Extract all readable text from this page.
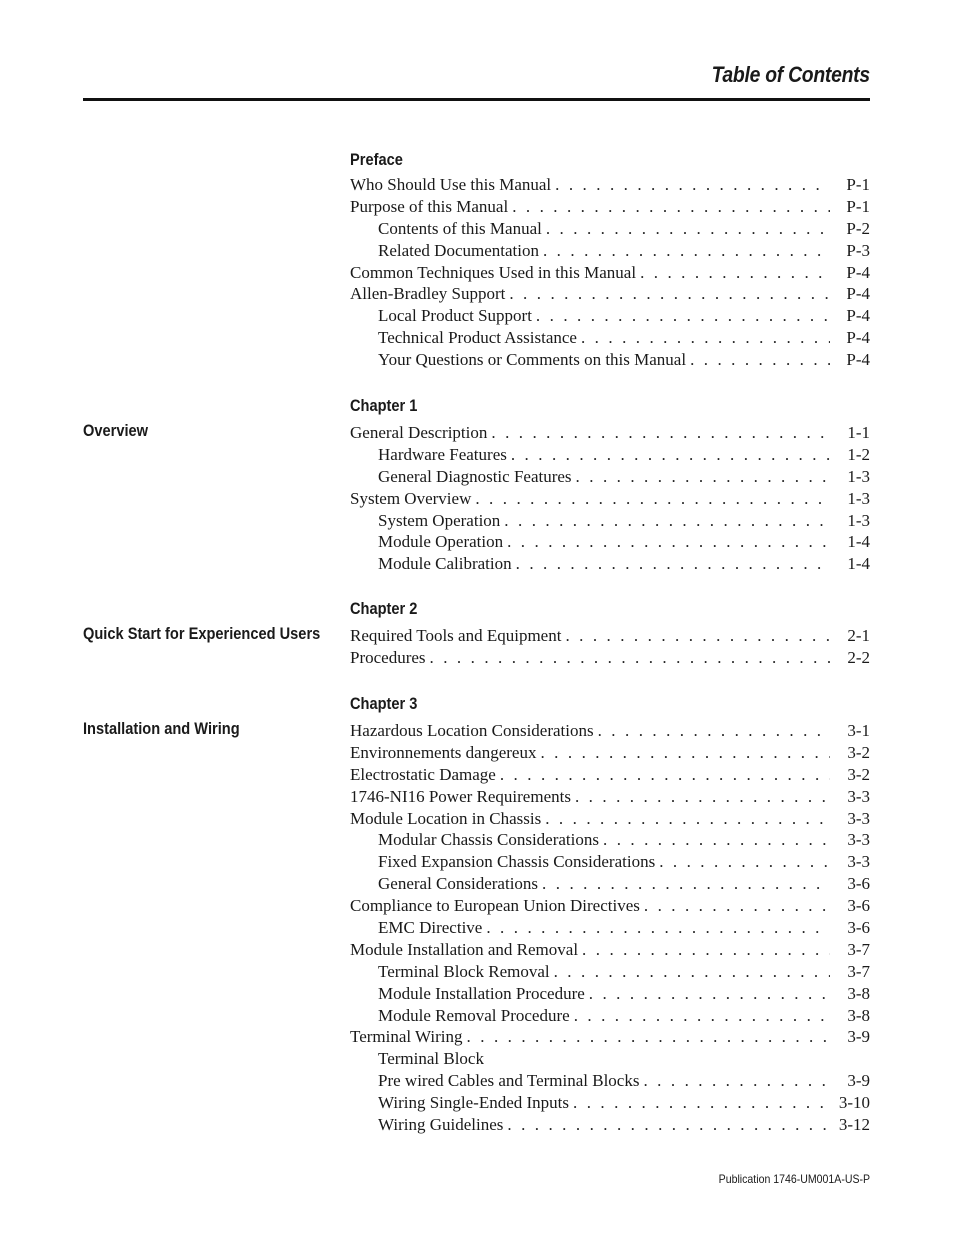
Table of Contents
Preface
Who Should Use this Manual . . .	P-1
Purpose of this Manual . . .	P-1
Contents of this Manual . . .	P-2
Related Documentation . . .	P-3
Common Techniques Used in this Manual . . .	P-4
Allen-Bradley Support . . .	P-4
Local Product Support . . .	P-4
Technical Product Assistance . . .	P-4
Your Questions or Comments on this Manual . . .	P-4
Chapter 1
Overview	General Description . . .	1-1
Hardware Features . . .	1-2
General Diagnostic Features . . .	1-3
System Overview . . .	1-3
System Operation . . .	1-3
Module Operation . . .	1-4
Module Calibration . . .	1-4
Chapter 2
Quick Start for Experienced Users Required Tools and Equipment . . .	2-1
Procedures . . .	2-2
Chapter 3
Installation and Wiring	Hazardous Location Considerations . . .	3-1
Environnements dangereux . . .	3-2
Electrostatic Damage . . .	3-2
1746-NI16 Power Requirements . . .	3-3
Module Location in Chassis . . .	3-3
Modular Chassis Considerations . . .	3-3
Fixed Expansion Chassis Considerations . . .	3-3
General Considerations . . .	3-6
Compliance to European Union Directives . . .	3-6
EMC Directive . . .	3-6
Module Installation and Removal . . .	3-7
Terminal Block Removal . . .	3-7
Module Installation Procedure . . .	3-8
Module Removal Procedure . . .	3-8
Terminal Wiring . . .	3-9
Terminal Block
Pre wired Cables and Terminal Blocks . . .	3-9
Wiring Single-Ended Inputs . . .	3-10
Wiring Guidelines . . .	3-12
Publication 1746-UM001A-US-P
